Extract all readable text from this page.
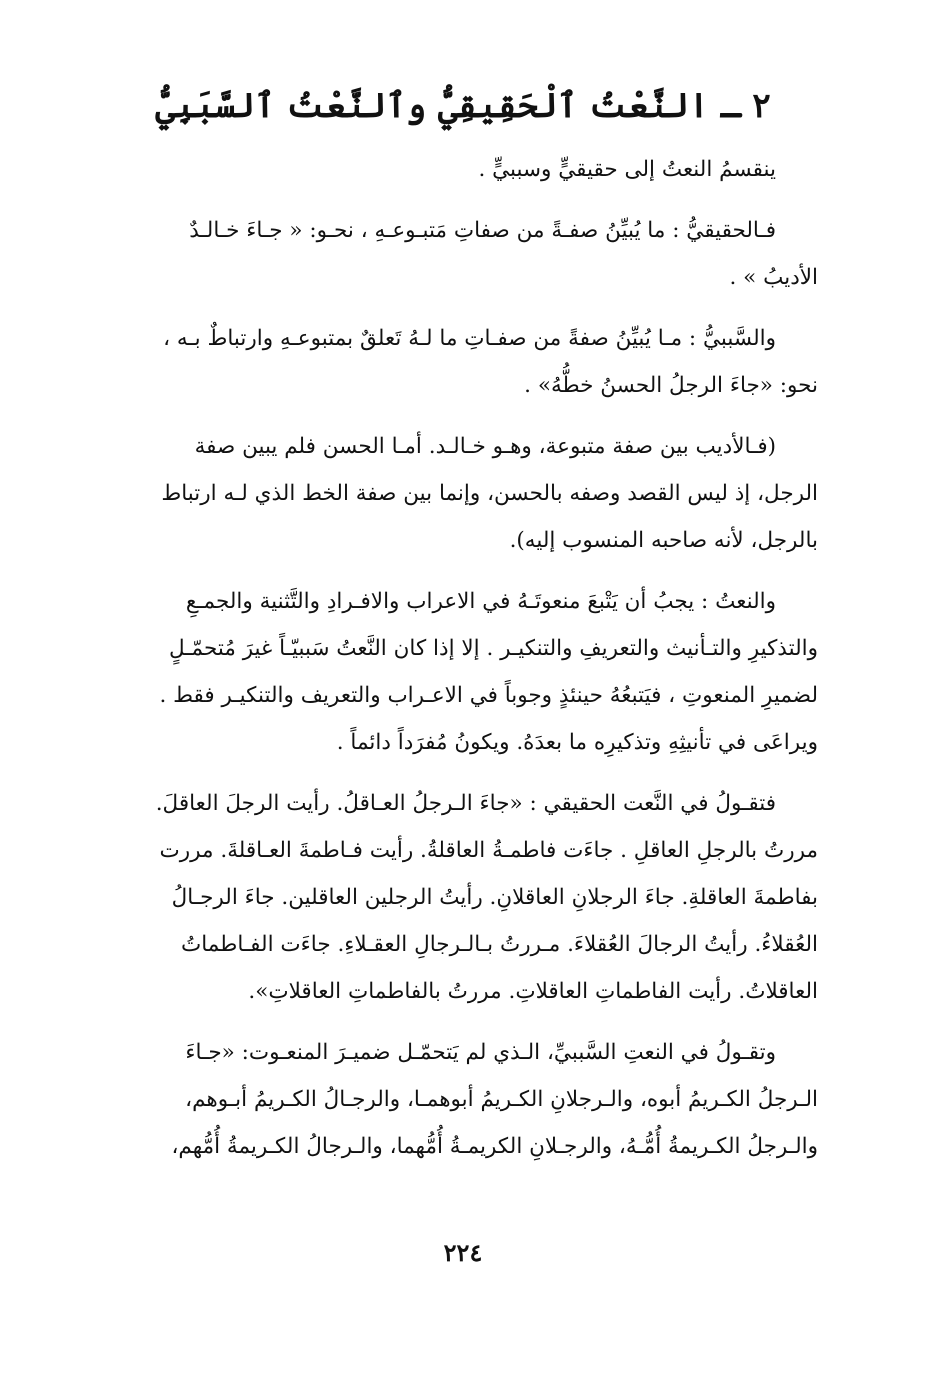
٢ ـ النَّعْتُ ٱلْحَقِيقِيُّ وٱلنَّعْتُ ٱلسَّبَبِيُّ
ينقسمُ النعتُ إلى حقيقيٍّ وسببيٍّ .
فـالحقيقيُّ : ما يُبيِّنُ صفـةً من صفاتِ مَتبـوعـهِ ، نحـو: « جـاءَ خـالـدٌ
الأديبُ » .
والسَّببيُّ : مـا يُبيِّنُ صفةً من صفـاتِ ما لـهُ تَعلقٌ بمتبوعـهِ وارتباطٌ بـه ،
نحو: «جاءَ الرجلُ الحسنُ خطُّهُ» .
(فـالأديب بين صفة متبوعة، وهـو خـالـد. أمـا الحسن فلم يبين صفة
الرجل، إذ ليس القصد وصفه بالحسن، وإنما بين صفة الخط الذي لـه ارتباط
بالرجل، لأنه صاحبه المنسوب إليه).
والنعتُ : يجبُ أن يَتْبعَ منعوتَـهُ في الاعراب والافـرادِ والتَّثنية والجمـعِ
والتذكيرِ والتـأنيث والتعريفِ والتنكيـر . إلا إذا كان النَّعتُ سَببيّـاً غيرَ مُتحمّـلٍ
لضميرِ المنعوتِ ، فيَتبعُهُ حينئذٍ وجوباً في الاعـراب والتعريف والتنكيـر فقط .
ويراعَى في تأنيثِهِ وتذكيرِه ما بعدَهُ. ويكونُ مُفرَداً دائماً .
فتقـولُ في النَّعت الحقيقي : «جاءَ الـرجلُ العـاقلُ. رأيت الرجلَ العاقلَ.
مررتُ بالرجلِ العاقلِ . جاءَت فاطمـةُ العاقلةُ. رأيت فـاطمةَ العـاقلةَ. مررت
بفاطمةَ العاقلةِ. جاءَ الرجلانِ العاقلانِ. رأيتُ الرجلين العاقلين. جاءَ الرجـالُ
العُقلاءُ. رأيتُ الرجالَ العُقلاءَ. مـررتُ بـالـرجالِ العقـلاءِ. جاءَت الفـاطماتُ
العاقلاتُ. رأيت الفاطماتِ العاقلاتِ. مررتُ بالفاطماتِ العاقلاتِ».
وتقـولُ في النعتِ السَّببيِّ، الـذي لم يَتحمّـل ضميـرَ المنعـوت: «جـاءَ
الـرجلُ الكـريمُ أبوه، والـرجلانِ الكـريمُ أبوهمـا، والرجـالُ الكـريمُ أبـوهم،
والـرجلُ الكـريمةُ أُمُّـهُ، والرجـلانِ الكريمـةُ أُمُّهما، والـرجالُ الكـريمةُ أُمُّهم،
٢٢٤
